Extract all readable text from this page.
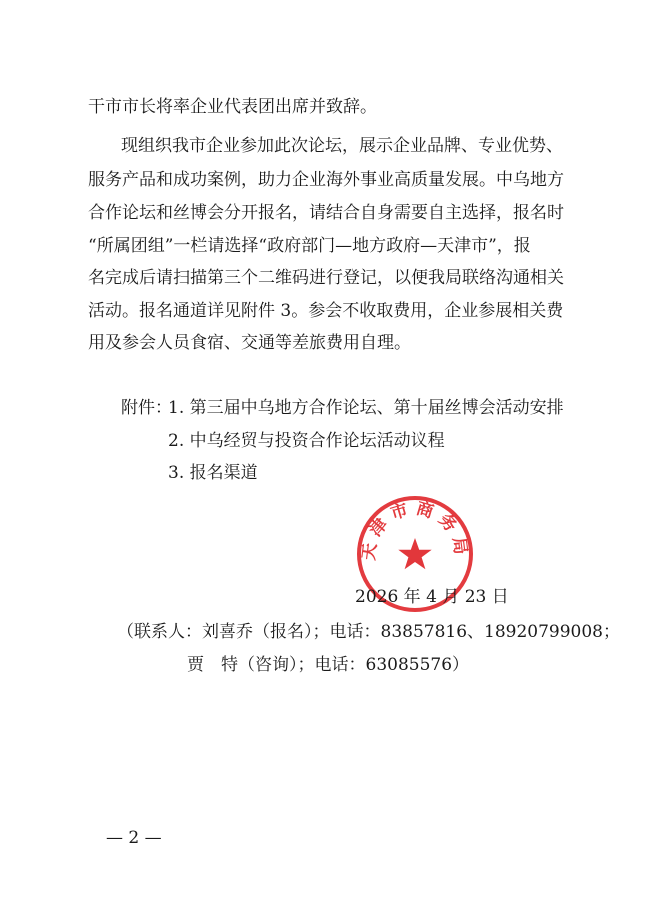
干市市长将率企业代表团出席并致辞。
现组织我市企业参加此次论坛，展示企业品牌、专业优势、
服务产品和成功案例，助力企业海外事业高质量发展。中乌地方
合作论坛和丝博会分开报名，请结合自身需要自主选择，报名时
“所属团组”一栏请选择“政府部门—地方政府—天津市”，报
名完成后请扫描第三个二维码进行登记，以便我局联络沟通相关
活动。报名通道详见附件 3。参会不收取费用，企业参展相关费
用及参会人员食宿、交通等差旅费用自理。
附件：
1. 第三届中乌地方合作论坛、第十届丝博会活动安排
2. 中乌经贸与投资合作论坛活动议程
3. 报名渠道
天津市商务局
2026 年 4 月 23 日
（联系人：刘喜乔（报名）；电话：83857816、18920799008；
贾　特（咨询）；电话：63085576）
— 2 —
